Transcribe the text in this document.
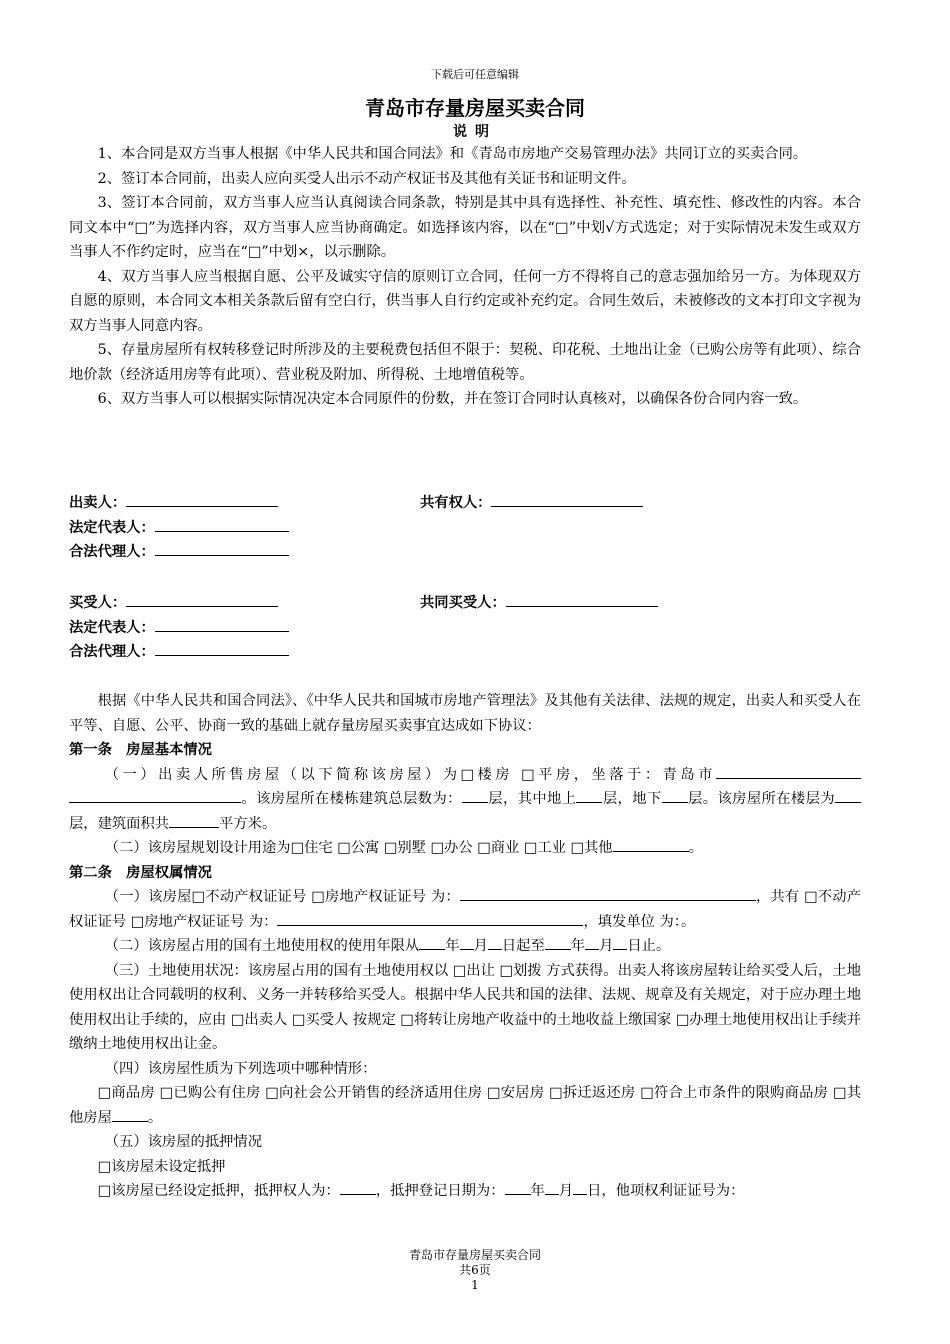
下载后可任意编辑
青岛市存量房屋买卖合同
说明

1、本合同是双方当事人根据《中华人民共和国合同法》和《青岛市房地产交易管理办法》共同订立的买卖合同。

2、签订本合同前，出卖人应向买受人出示不动产权证书及其他有关证书和证明文件。

3、签订本合同前，双方当事人应当认真阅读合同条款，特别是其中具有选择性、补充性、填充性、修改性的内容。本合同文本中“□”为选择内容，双方当事人应当协商确定。如选择该内容，以在“□”中划√方式选定；对于实际情况未发生或双方当事人不作约定时，应当在“□”中划×，以示删除。

4、双方当事人应当根据自愿、公平及诚实守信的原则订立合同，任何一方不得将自己的意志强加给另一方。为体现双方自愿的原则，本合同文本相关条款后留有空白行，供当事人自行约定或补充约定。合同生效后，未被修改的文本打印文字视为双方当事人同意内容。

5、存量房屋所有权转移登记时所涉及的主要税费包括但不限于：契税、印花税、土地出让金（已购公房等有此项）、综合地价款（经济适用房等有此项）、营业税及附加、所得税、土地增值税等。

6、双方当事人可以根据实际情况决定本合同原件的份数，并在签订合同时认真核对，以确保各份合同内容一致。

出卖人：	共有权人：
法定代表人：
合法代理人：
买受人：	共同买受人：
法定代表人：
合法代理人：

根据《中华人民共和国合同法》、《中华人民共和国城市房地产管理法》及其他有关法律、法规的规定，出卖人和买受人在平等、自愿、公平、协商一致的基础上就存量房屋买卖事宜达成如下协议：

第一条　房屋基本情况

（一）出卖人所售房屋（以下简称该房屋）为□楼房 □平房，坐落于：青岛市。该房屋所在楼栋建筑总层数为： 层，其中地上 层，地下 层。该房屋所在楼层为层，建筑面积共	平方米。

（二）该房屋规划设计用途为□住宅 □公寓 □别墅 □办公 □商业 □工业 □其他	。

第二条　房屋权属情况

（一）该房屋□不动产权证证号 □房地产权证证号 为：	，共有 □不动产权证证号 □房地产权证证号 为：	，填发单位 为：。

（二）该房屋占用的国有土地使用权的使用年限从 年 月 日起至 年 月 日止。

（三）土地使用状况：该房屋占用的国有土地使用权以 □出让 □划拨 方式获得。出卖人将该房屋转让给买受人后，土地使用权出让合同载明的权利、义务一并转移给买受人。根据中华人民共和国的法律、法规、规章及有关规定，对于应办理土地使用权出让手续的，应由 □出卖人 □买受人 按规定 □将转让房地产收益中的土地收益上缴国家 □办理土地使用权出让手续并缴纳土地使用权出让金。

（四）该房屋性质为下列选项中哪种情形：

□商品房 □已购公有住房 □向社会公开销售的经济适用住房 □安居房 □拆迁返还房 □符合上市条件的限购商品房 □其他房屋	。

（五）该房屋的抵押情况

□该房屋未设定抵押

□该房屋已经设定抵押，抵押权人为：	，抵押登记日期为： 年 月 日，他项权利证证号为：

青岛市存量房屋买卖合同
共6页
1
